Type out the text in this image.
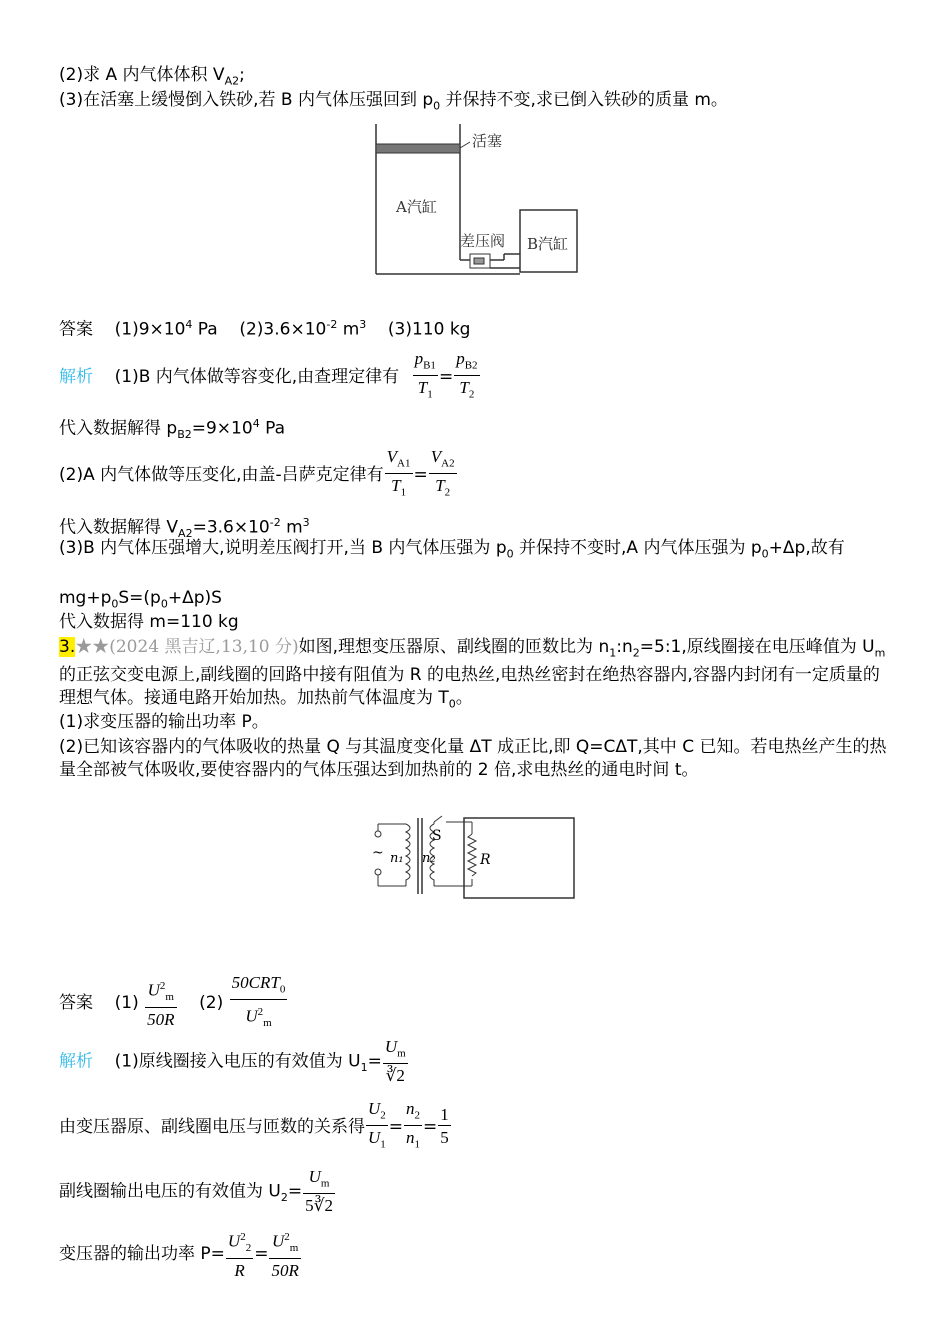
(2)求 A 内气体体积 $V_{A2}$;
(3)在活塞上缓慢倒入铁砂,若 B 内气体压强回到 $p_0$ 并保持不变,求已倒入铁砂的质量 m。
活塞
A汽缸
差压阀 B汽缸
答案 $(1)9\times 10^4$ Pa $(2)3.6\times 10^{-2}$ $m^3$ (3)110 kg
解析 (1)B 内气体做等容变化,由查理定律有 $\frac{p_{B1}}{T_1} = \frac{p_{B2}}{T_2}$
代入数据解得 $p_{B2}=9\times 10^4$ Pa
(2)A 内气体做等压变化,由盖-吕萨克定律有 $\frac{V_{A1}}{T_1} = \frac{V_{A2}}{T_2}$
代入数据解得 $V_{A2}=3.6\times 10^{-2}$ $m^3$
(3)B 内气体压强增大,说明差压阀打开,当 B 内气体压强为 $p_0$ 并保持不变时,A 内气体压强为 $p_0+\Delta p$,故有
$mg+p_0S=(p_0+\Delta p)S$
代入数据得 m=110 kg
3.★★(2024 黑吉辽,13,10 分)如图,理想变压器原、副线圈的匝数比为 $n_1:n_2=5:1$,原线圈接在电压峰值为 $U_m$ 的正弦交变电源上,副线圈的回路中接有阻值为 R 的电热丝,电热丝密封在绝热容器内,容器内封闭有一定质量的理想气体。接通电路开始加热。加热前气体温度为 $T_0$。
(1)求变压器的输出功率 P。
(2)已知该容器内的气体吸收的热量 Q 与其温度变化量 ΔT 成正比,即 Q=CΔT,其中 C 已知。若电热丝产生的热量全部被气体吸收,要使容器内的气体压强达到加热前的 2 倍,求电热丝的通电时间 t。
~ n₁ n₂
S
R
答案 $(1) \frac{U^2_m}{50R} (2) \frac{50CRT_0}{U^2_m}$
解析 (1)原线圈接入电压的有效值为 $U_1= \frac{U_m}{∛2}$
由变压器原、副线圈电压与匝数的关系得 $\frac{U_2}{U_1} = \frac{n_2}{n_1} = \frac{1}{5}$
副线圈输出电压的有效值为 $U_2= \frac{U_m}{5∛2}$
变压器的输出功率 $P= \frac{U^2_2}{R} = \frac{U^2_m}{50R}$
